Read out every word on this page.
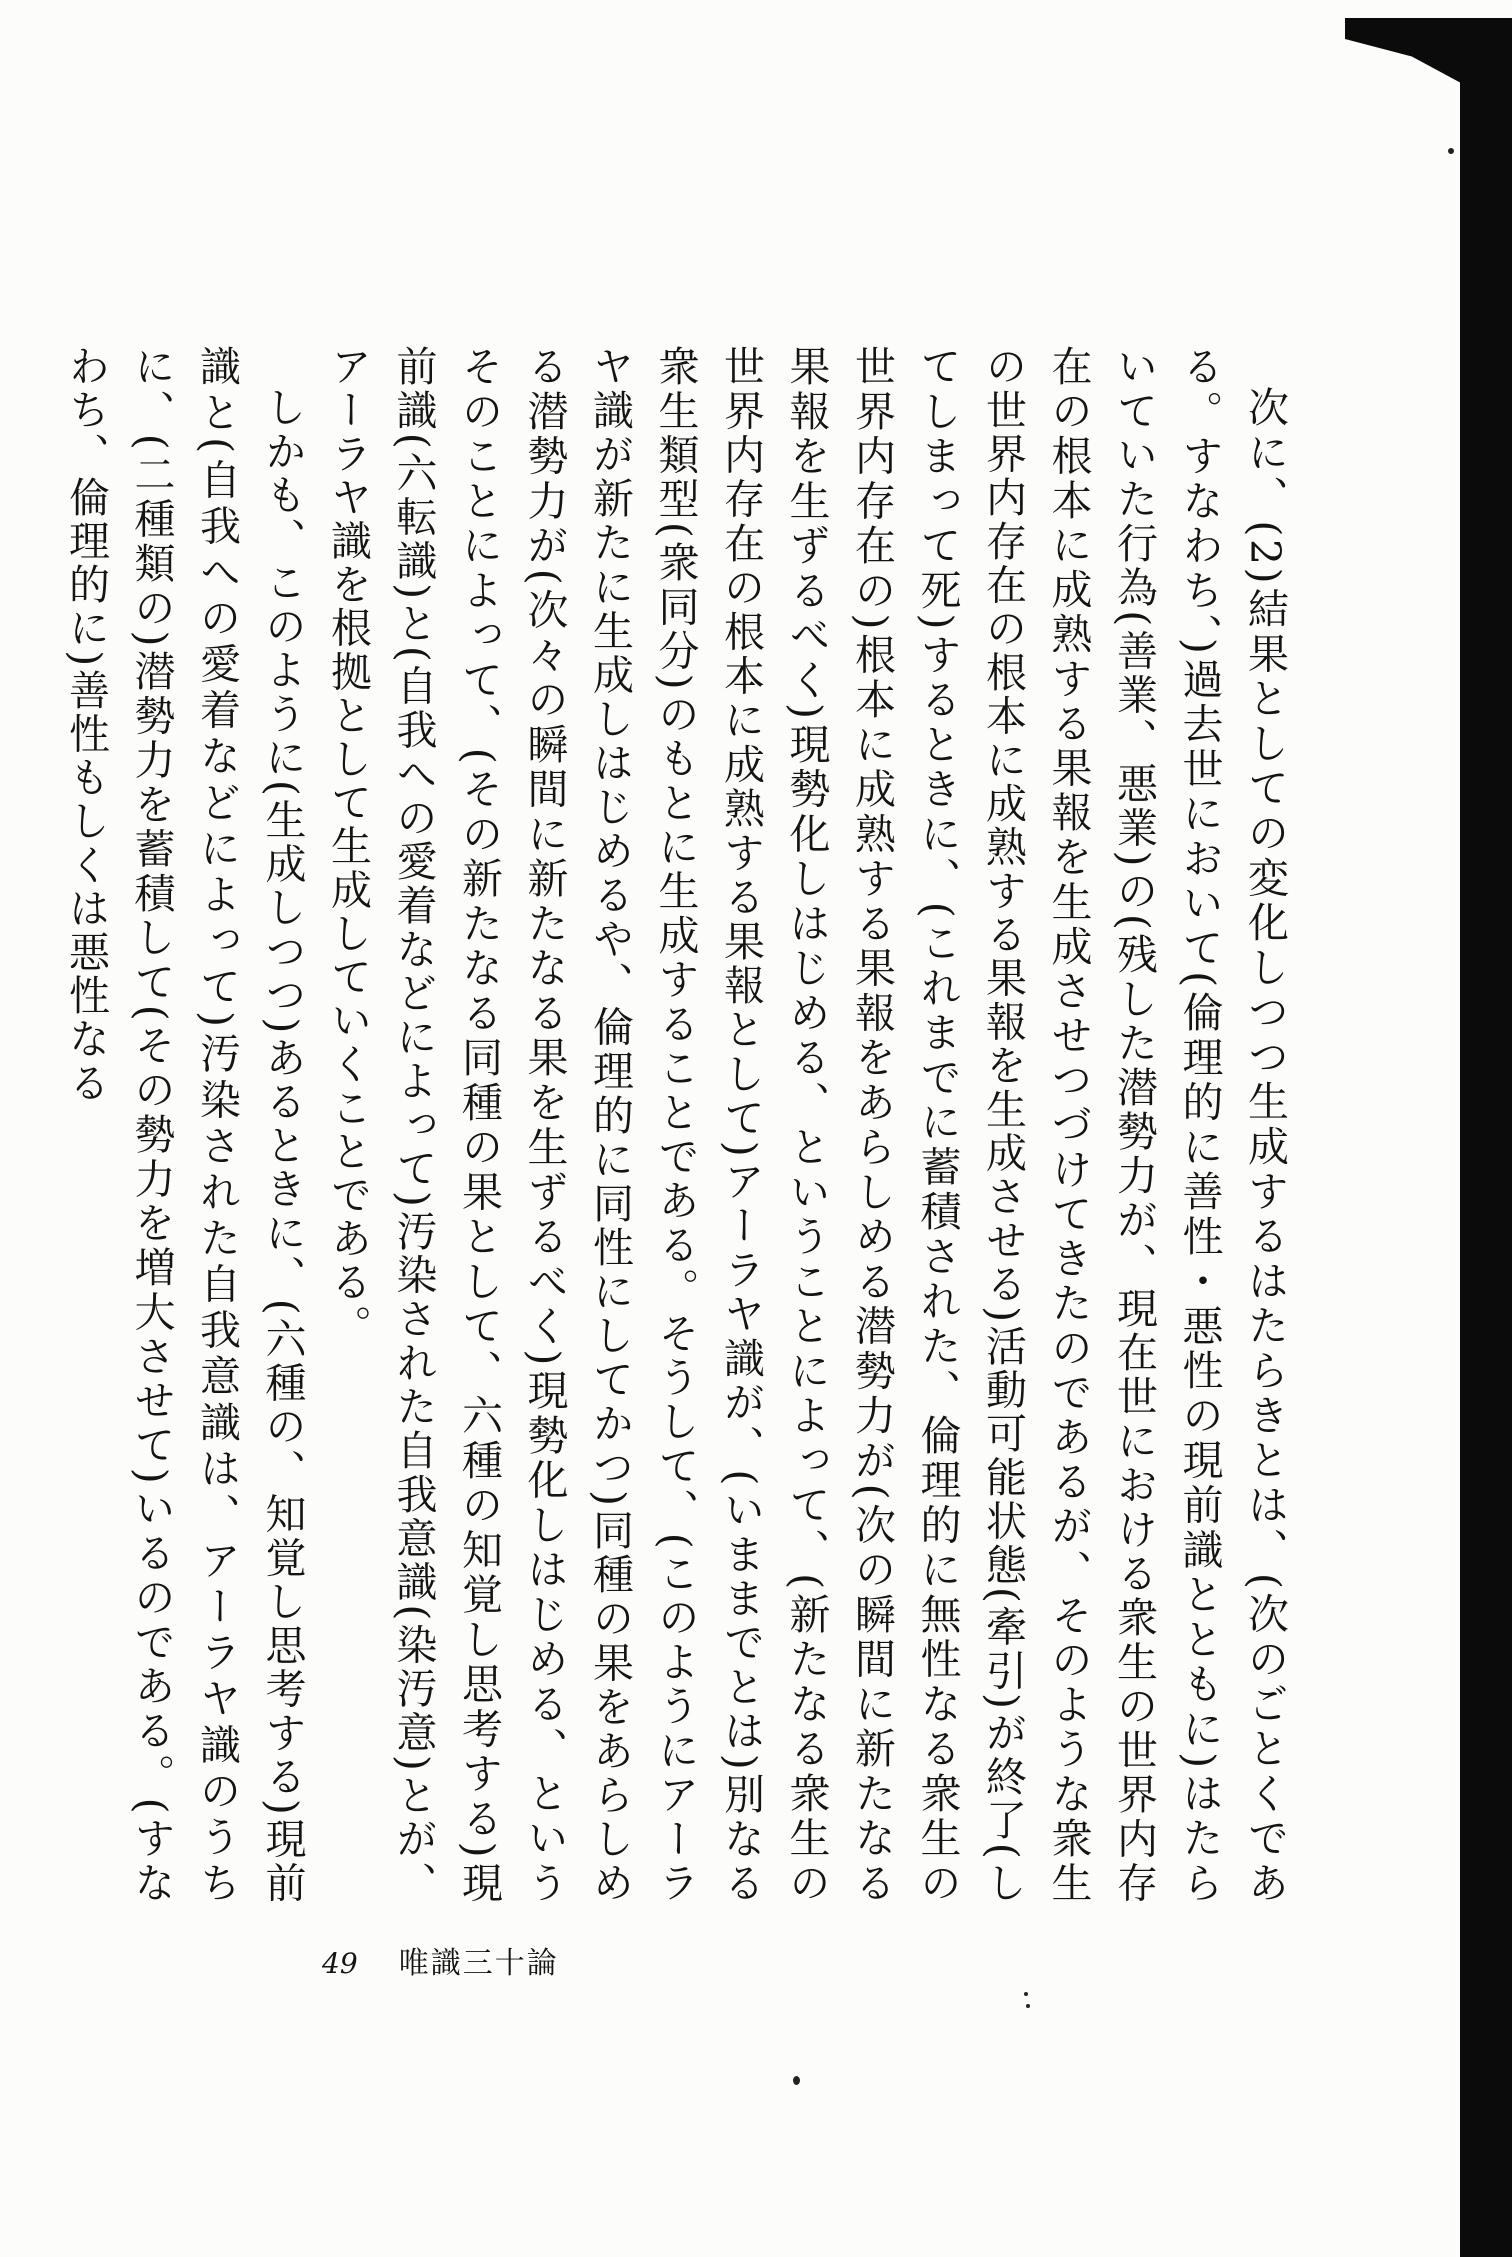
次に、(2)結果としての変化しつつ生成するはたらきとは、(次のごとくである。すなわち、)過去世において(倫理的に善性・悪性の現前識とともに)はたらいていた行為(善業、悪業)の(残した潜勢力が、現在世における衆生の世界内存在の根本に成熟する果報を生成させつづけてきたのであるが、そのような衆生の世界内存在の根本に成熟する果報を生成させる)活動可能状態(牽引)が終了(してしまって死)するときに、(これまでに蓄積された、倫理的に無性なる衆生の世界内存在の)根本に成熟する果報をあらしめる潜勢力が(次の瞬間に新たなる果報を生ずるべく)現勢化しはじめる、ということによって、(新たなる衆生の世界内存在の根本に成熟する果報として)アーラヤ識が、(いままでとは)別なる衆生類型(衆同分)のもとに生成することである。そうして、(このようにアーラヤ識が新たに生成しはじめるや、倫理的に同性にしてかつ)同種の果をあらしめる潜勢力が(次々の瞬間に新たなる果を生ずるべく)現勢化しはじめる、というそのことによって、(その新たなる同種の果として、六種の知覚し思考する)現前識(六転識)と(自我への愛着などによって)汚染された自我意識(染汚意)とが、アーラヤ識を根拠として生成していくことである。

しかも、このように(生成しつつ)あるときに、(六種の、知覚し思考する)現前識と(自我への愛着などによって)汚染された自我意識は、アーラヤ識のうちに、(二種類の)潜勢力を蓄積して(その勢力を増大させて)いるのである。(すなわち、倫理的に)善性もしくは悪性なる

49 唯識三十論
